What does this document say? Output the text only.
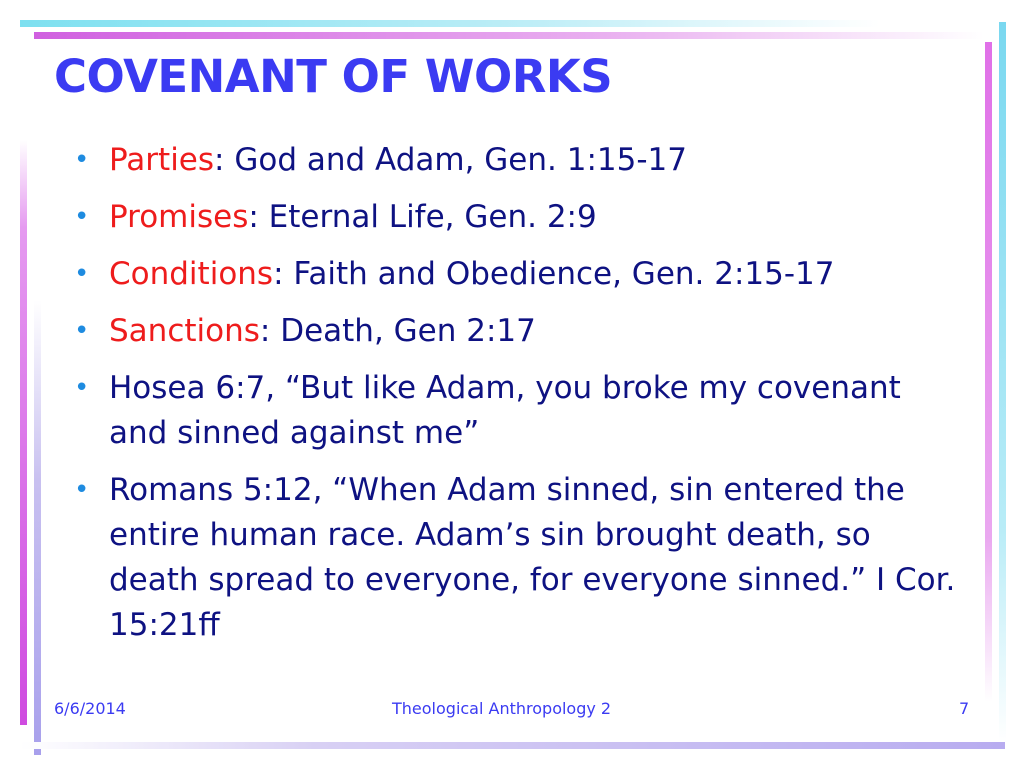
COVENANT OF WORKS
• Parties: God and Adam, Gen. 1:15-17
• Promises: Eternal Life, Gen. 2:9
• Conditions: Faith and Obedience, Gen. 2:15-17
• Sanctions: Death, Gen 2:17
• Hosea 6:7, “But like Adam, you broke my covenant and sinned against me”
• Romans 5:12, “When Adam sinned, sin entered the entire human race. Adam’s sin brought death, so death spread to everyone, for everyone sinned.” I Cor. 15:21ff
6/6/2014	Theological Anthropology 2	7
